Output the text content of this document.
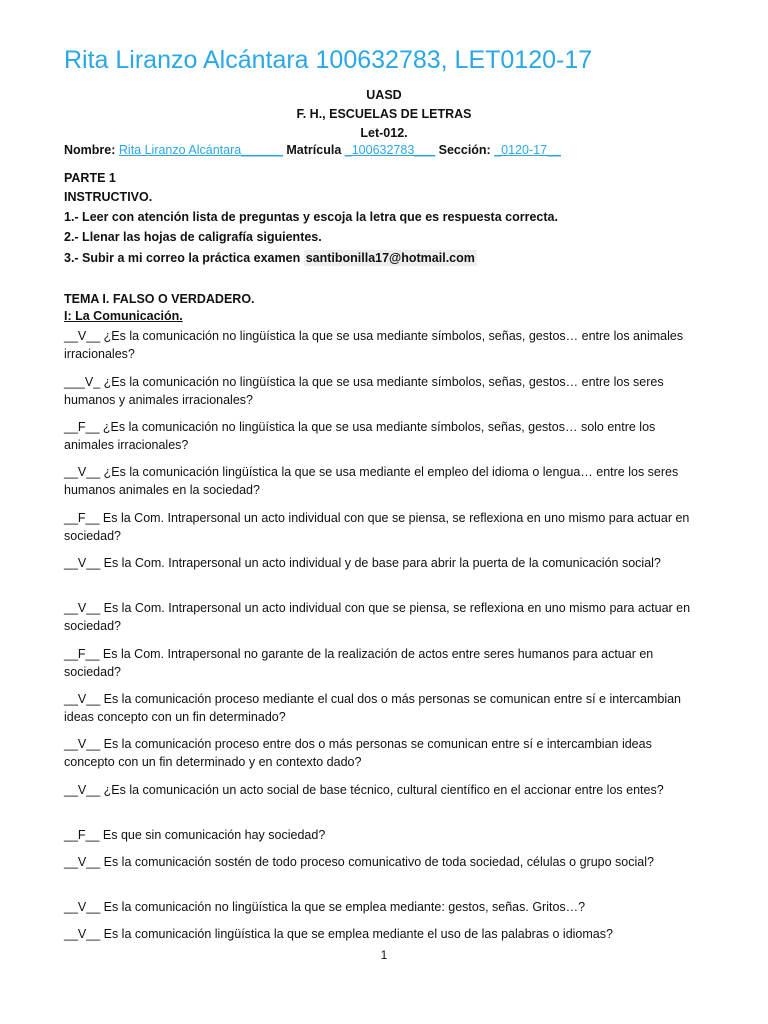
Rita Liranzo Alcántara 100632783, LET0120-17
UASD
F. H., ESCUELAS DE LETRAS
Let-012.
Nombre: Rita Liranzo Alcántara______ Matrícula _100632783___ Sección: _0120-17__
PARTE 1
INSTRUCTIVO.
1.- Leer con atención lista de preguntas y escoja la letra que es respuesta correcta.
2.- Llenar las hojas de caligrafía siguientes.
3.- Subir a mi correo la práctica examen santibonilla17@hotmail.com
TEMA I. FALSO O VERDADERO.
I: La Comunicación.
__V__ ¿Es la comunicación no lingüística la que se usa mediante símbolos, señas, gestos… entre los animales irracionales?
___V_ ¿Es la comunicación no lingüística la que se usa mediante símbolos, señas, gestos… entre los seres humanos y animales irracionales?
__F__ ¿Es la comunicación no lingüística la que se usa mediante símbolos, señas, gestos… solo entre los animales irracionales?
__V__ ¿Es la comunicación lingüística la que se usa mediante el empleo del idioma o lengua… entre los seres humanos animales en la sociedad?
__F__ Es la Com. Intrapersonal un acto individual con que se piensa, se reflexiona en uno mismo para actuar en sociedad?
__V__ Es la Com. Intrapersonal un acto individual y de base para abrir la puerta de la comunicación social?
__V__ Es la Com. Intrapersonal un acto individual con que se piensa, se reflexiona en uno mismo para actuar en sociedad?
__F__ Es la Com. Intrapersonal no garante de la realización de actos entre seres humanos para actuar en sociedad?
__V__ Es la comunicación proceso mediante el cual dos o más personas se comunican entre sí e intercambian ideas concepto con un fin determinado?
__V__ Es la comunicación proceso entre dos o más personas se comunican entre sí e intercambian ideas concepto con un fin determinado y en contexto dado?
__V__ ¿Es la comunicación un acto social de base técnico, cultural científico en el accionar entre los entes?
__F__ Es que sin comunicación hay sociedad?
__V__ Es la comunicación sostén de todo proceso comunicativo de toda sociedad, células o grupo social?
__V__ Es la comunicación no lingüística la que se emplea mediante: gestos, señas. Gritos…?
__V__ Es la comunicación lingüística la que se emplea mediante el uso de las palabras o idiomas?
1
